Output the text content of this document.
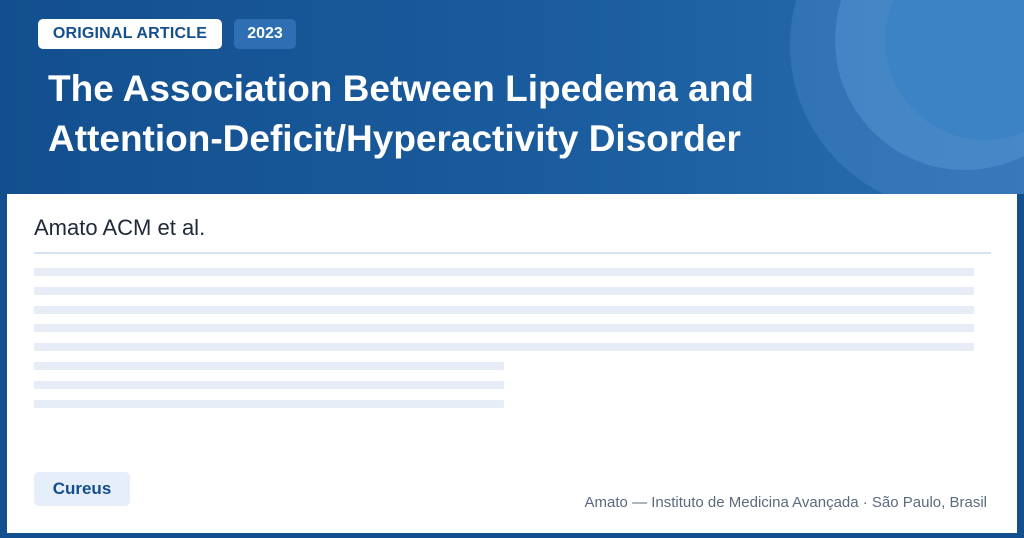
ORIGINAL ARTICLE	2023
The Association Between Lipedema and
Attention-Deficit/Hyperactivity Disorder
Amato ACM et al.
Cureus
Amato — Instituto de Medicina Avançada · São Paulo, Brasil
